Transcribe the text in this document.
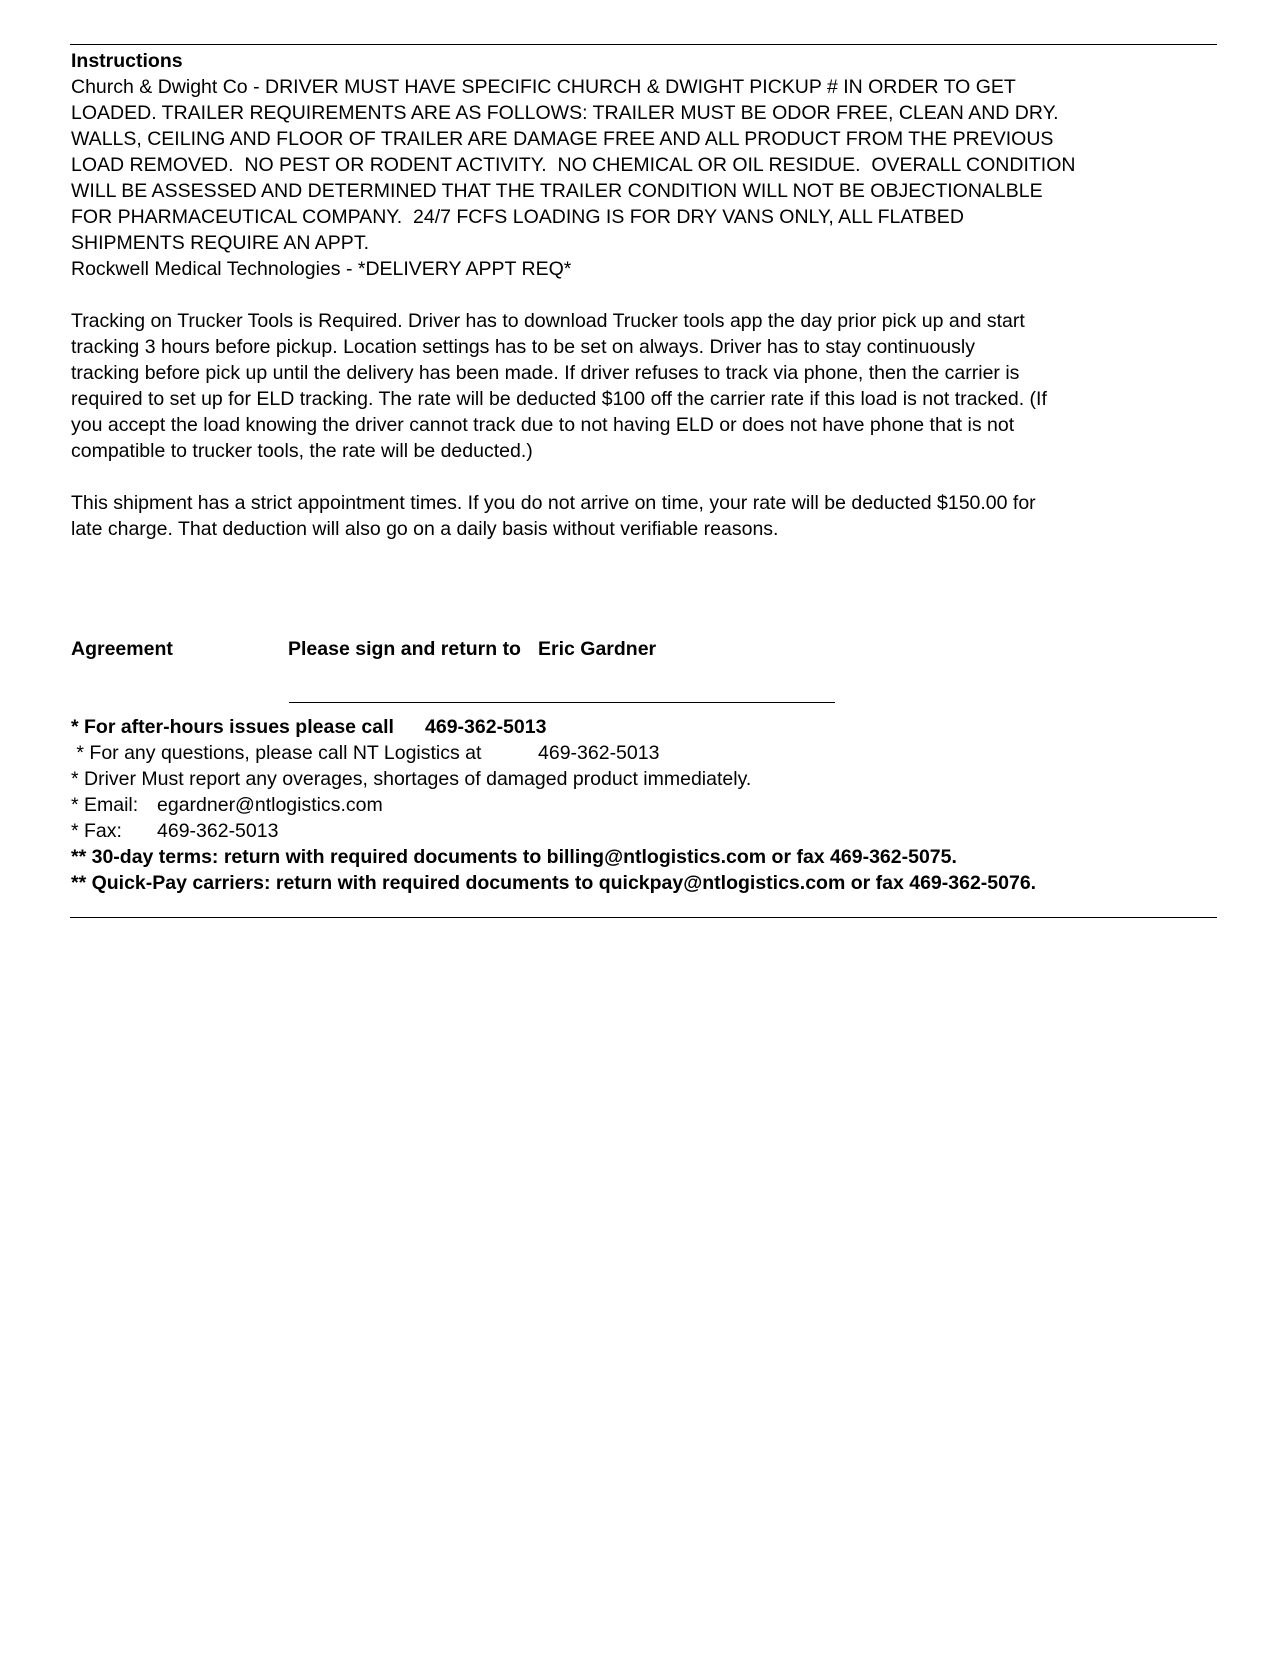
Instructions
Church & Dwight Co - DRIVER MUST HAVE SPECIFIC CHURCH & DWIGHT PICKUP # IN ORDER TO GET
LOADED. TRAILER REQUIREMENTS ARE AS FOLLOWS: TRAILER MUST BE ODOR FREE, CLEAN AND DRY.
WALLS, CEILING AND FLOOR OF TRAILER ARE DAMAGE FREE AND ALL PRODUCT FROM THE PREVIOUS
LOAD REMOVED.  NO PEST OR RODENT ACTIVITY.  NO CHEMICAL OR OIL RESIDUE.  OVERALL CONDITION
WILL BE ASSESSED AND DETERMINED THAT THE TRAILER CONDITION WILL NOT BE OBJECTIONALBLE
FOR PHARMACEUTICAL COMPANY.  24/7 FCFS LOADING IS FOR DRY VANS ONLY, ALL FLATBED
SHIPMENTS REQUIRE AN APPT.
Rockwell Medical Technologies - *DELIVERY APPT REQ*
Tracking on Trucker Tools is Required. Driver has to download Trucker tools app the day prior pick up and start
tracking 3 hours before pickup. Location settings has to be set on always. Driver has to stay continuously
tracking before pick up until the delivery has been made. If driver refuses to track via phone, then the carrier is
required to set up for ELD tracking. The rate will be deducted $100 off the carrier rate if this load is not tracked. (If
you accept the load knowing the driver cannot track due to not having ELD or does not have phone that is not
compatible to trucker tools, the rate will be deducted.)
This shipment has a strict appointment times. If you do not arrive on time, your rate will be deducted $150.00 for
late charge. That deduction will also go on a daily basis without verifiable reasons.
Agreement	Please sign and return to Eric Gardner
* For after-hours issues please call 469-362-5013
* For any questions, please call NT Logistics at	469-362-5013
* Driver Must report any overages, shortages of damaged product immediately.
* Email: egardner@ntlogistics.com
* Fax: 469-362-5013
** 30-day terms: return with required documents to billing@ntlogistics.com or fax 469-362-5075.
** Quick-Pay carriers: return with required documents to quickpay@ntlogistics.com or fax 469-362-5076.
